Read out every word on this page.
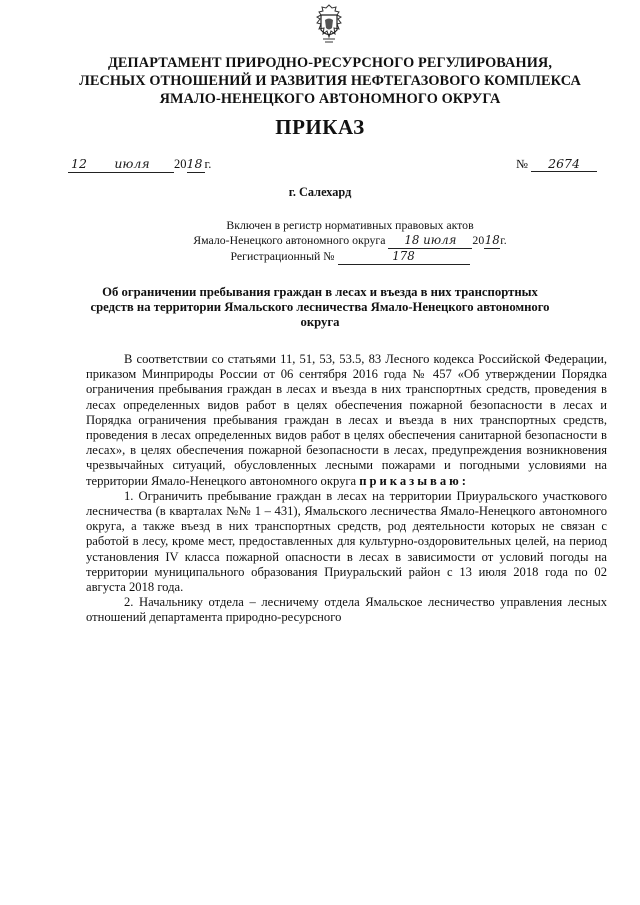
ДЕПАРТАМЕНТ ПРИРОДНО-РЕСУРСНОГО РЕГУЛИРОВАНИЯ,
ЛЕСНЫХ ОТНОШЕНИЙ И РАЗВИТИЯ НЕФТЕГАЗОВОГО КОМПЛЕКСА
ЯМАЛО-НЕНЕЦКОГО АВТОНОМНОГО ОКРУГА
ПРИКАЗ
12 июля 2018 г.	№ 2674
г. Салехард
Включен в регистр нормативных правовых актов
Ямало-Ненецкого автономного округа 18 июля 2018г.
Регистрационный №	178
Об ограничении пребывания граждан в лесах и въезда в них транспортных средств на территории Ямальского лесничества Ямало-Ненецкого автономного округа

В соответствии со статьями 11, 51, 53, 53.5, 83 Лесного кодекса Российской Федерации, приказом Минприроды России от 06 сентября 2016 года № 457 «Об утверждении Порядка ограничения пребывания граждан в лесах и въезда в них транспортных средств, проведения в лесах определенных видов работ в целях обеспечения пожарной безопасности в лесах и Порядка ограничения пребывания граждан в лесах и въезда в них транспортных средств, проведения в лесах определенных видов работ в целях обеспечения санитарной безопасности в лесах», в целях обеспечения пожарной безопасности в лесах, предупреждения возникновения чрезвычайных ситуаций, обусловленных лесными пожарами и погодными условиями на территории Ямало-Ненецкого автономного округа приказываю:

1. Ограничить пребывание граждан в лесах на территории Приуральского участкового лесничества (в кварталах №№ 1 – 431), Ямальского лесничества Ямало-Ненецкого автономного округа, а также въезд в них транспортных средств, род деятельности которых не связан с работой в лесу, кроме мест, предоставленных для культурно-оздоровительных целей, на период установления IV класса пожарной опасности в лесах в зависимости от условий погоды на территории муниципального образования Приуральский район с 13 июля 2018 года по 02 августа 2018 года.

2. Начальнику отдела – лесничему отдела Ямальское лесничество управления лесных отношений департамента природно-ресурсного
